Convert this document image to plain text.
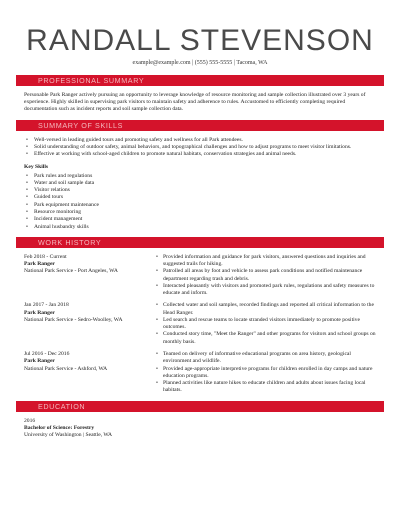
RANDALL STEVENSON
example@example.com | (555) 555-5555 | Tacoma, WA
PROFESSIONAL SUMMARY

Personable Park Ranger actively pursuing an opportunity to leverage knowledge of resource monitoring and sample collection illustrated over 3 years of experience. Highly skilled in supervising park visitors to maintain safety and adherence to rules. Accustomed to efficiently completing required documentation such as incident reports and soil sample collection data.

SUMMARY OF SKILLS
• Well-versed in leading guided tours and promoting safety and wellness for all Park attendees.
• Solid understanding of outdoor safety, animal behaviors, and topographical challenges and how to adjust programs to meet visitor limitations.
• Effective at working with school-aged children to promote natural habitats, conservation strategies and animal needs.
Key Skills
• Park rules and regulations
• Water and soil sample data
• Visitor relations
• Guided tours
• Park equipment maintenance
• Resource monitoring
• Incident management
• Animal husbandry skills
WORK HISTORY
Feb 2018 - Current
Park Ranger
National Park Service - Port Angeles, WA
• Provided information and guidance for park visitors, answered questions and inquiries and suggested trails for hiking.
• Patrolled all areas by foot and vehicle to assess park conditions and notified maintenance department regarding trash and debris.
• Interacted pleasantly with visitors and promoted park rules, regulations and safety measures to educate and inform.
Jan 2017 - Jan 2018
Park Ranger
National Park Service - Sedro-Woolley, WA
• Collected water and soil samples, recorded findings and reported all critical information to the Head Ranger.
• Led search and rescue teams to locate stranded visitors immediately to promote positive outcomes.
• Conducted story time, "Meet the Ranger" and other programs for visitors and school groups on monthly basis.
Jul 2016 - Dec 2016
Park Ranger
National Park Service - Ashford, WA
• Teamed on delivery of informative educational programs on area history, geological environment and wildlife.
• Provided age-appropriate interpretive programs for children enrolled in day camps and nature education programs.
• Planned activities like nature hikes to educate children and adults about issues facing local habitats.
EDUCATION
2016
Bachelor of Science: Forestry
University of Washington | Seattle, WA
